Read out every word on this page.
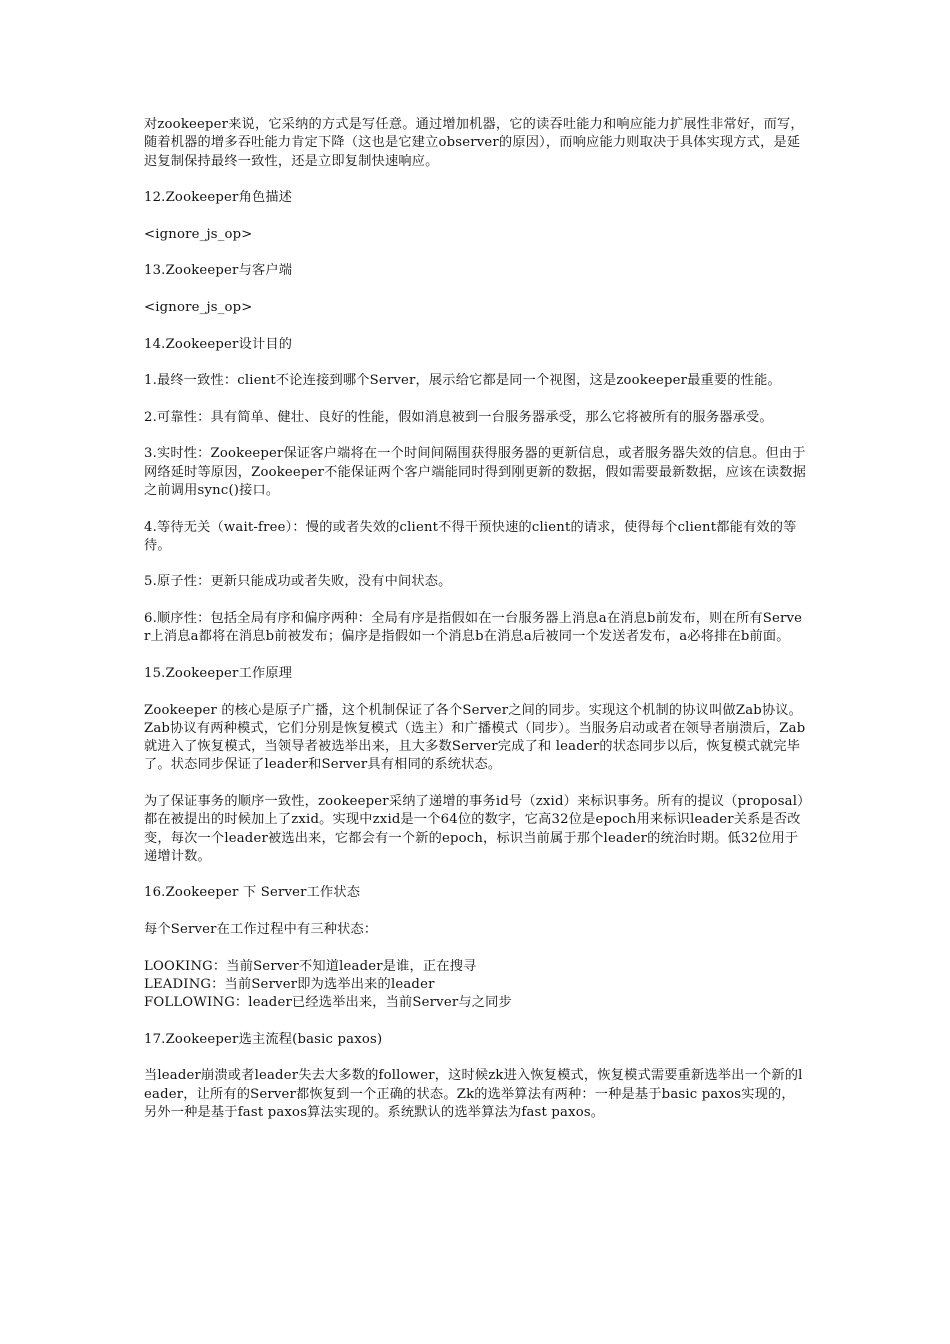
对zookeeper来说，它采纳的方式是写任意。通过增加机器，它的读吞吐能力和响应能力扩展性非常好，而写，随着机器的增多吞吐能力肯定下降（这也是它建立observer的原因），而响应能力则取决于具体实现方式，是延迟复制保持最终一致性，还是立即复制快速响应。

12.Zookeeper角色描述

<ignore_js_op>

13.Zookeeper与客户端

<ignore_js_op>

14.Zookeeper设计目的

1.最终一致性：client不论连接到哪个Server，展示给它都是同一个视图，这是zookeeper最重要的性能。

2.可靠性：具有简单、健壮、良好的性能，假如消息被到一台服务器承受，那么它将被所有的服务器承受。

3.实时性：Zookeeper保证客户端将在一个时间间隔围获得服务器的更新信息，或者服务器失效的信息。但由于网络延时等原因，Zookeeper不能保证两个客户端能同时得到刚更新的数据，假如需要最新数据，应该在读数据之前调用sync()接口。

4.等待无关（wait-free）：慢的或者失效的client不得干预快速的client的请求，使得每个client都能有效的等待。

5.原子性：更新只能成功或者失败，没有中间状态。

6.顺序性：包括全局有序和偏序两种：全局有序是指假如在一台服务器上消息a在消息b前发布，则在所有Server上消息a都将在消息b前被发布；偏序是指假如一个消息b在消息a后被同一个发送者发布，a必将排在b前面。

15.Zookeeper工作原理

Zookeeper 的核心是原子广播，这个机制保证了各个Server之间的同步。实现这个机制的协议叫做Zab协议。Zab协议有两种模式，它们分别是恢复模式（选主）和广播模式（同步）。当服务启动或者在领导者崩溃后，Zab就进入了恢复模式，当领导者被选举出来，且大多数Server完成了和 leader的状态同步以后，恢复模式就完毕了。状态同步保证了leader和Server具有相同的系统状态。

为了保证事务的顺序一致性，zookeeper采纳了递增的事务id号（zxid）来标识事务。所有的提议（proposal）都在被提出的时候加上了zxid。实现中zxid是一个64位的数字，它高32位是epoch用来标识leader关系是否改变，每次一个leader被选出来，它都会有一个新的epoch，标识当前属于那个leader的统治时期。低32位用于递增计数。

16.Zookeeper 下 Server工作状态

每个Server在工作过程中有三种状态：

LOOKING：当前Server不知道leader是谁，正在搜寻
LEADING：当前Server即为选举出来的leader
FOLLOWING：leader已经选举出来，当前Server与之同步

17.Zookeeper选主流程(basic paxos)

当leader崩溃或者leader失去大多数的follower，这时候zk进入恢复模式，恢复模式需要重新选举出一个新的leader，让所有的Server都恢复到一个正确的状态。Zk的选举算法有两种：一种是基于basic paxos实现的，另外一种是基于fast paxos算法实现的。系统默认的选举算法为fast paxos。
